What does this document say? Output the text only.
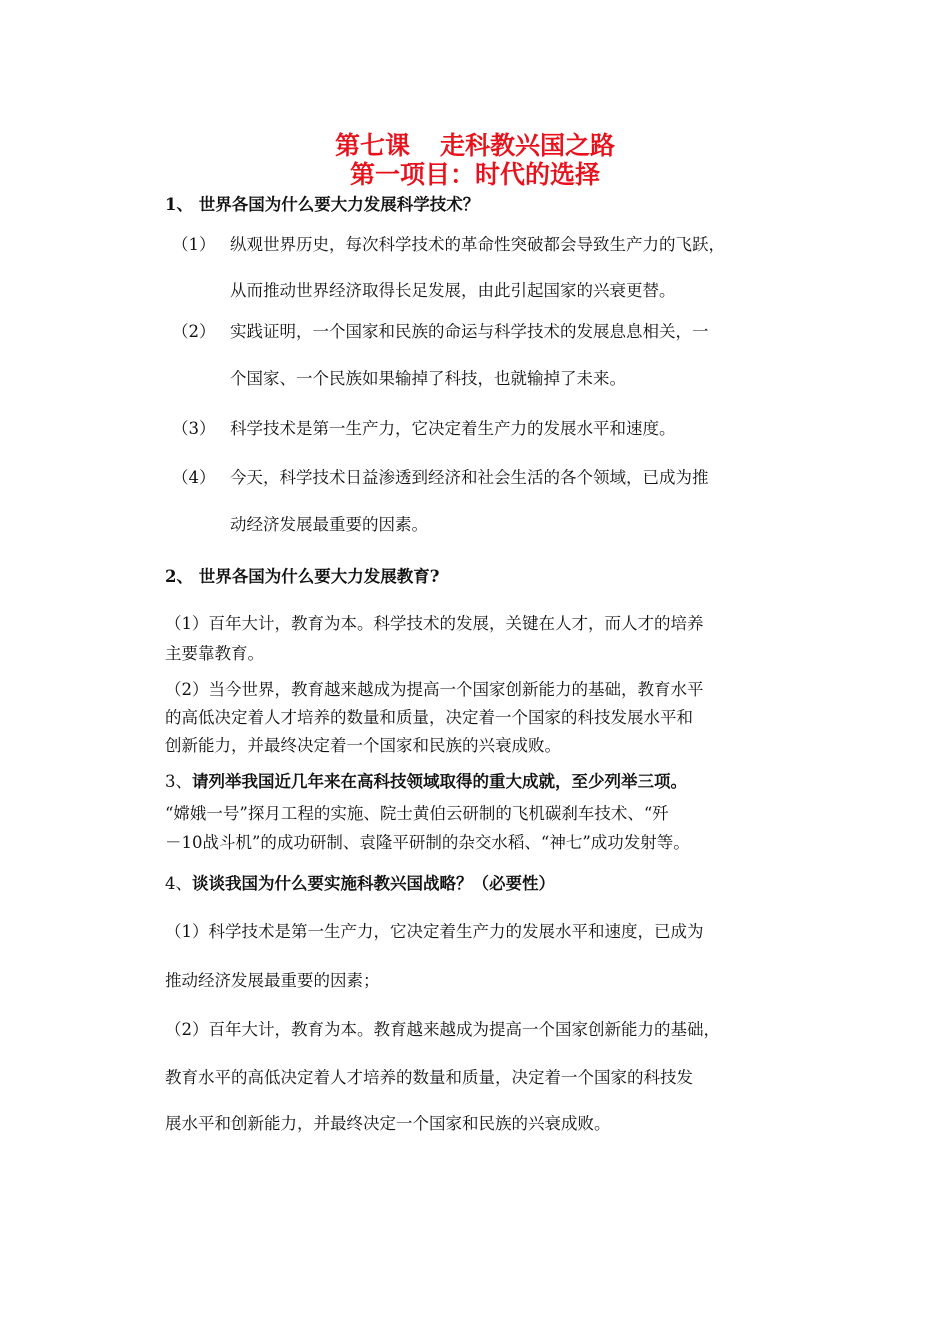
第七课 走科教兴国之路
第一项目：时代的选择

1、 世界各国为什么要大力发展科学技术？

（1） 纵观世界历史，每次科学技术的革命性突破都会导致生产力的飞跃，

从而推动世界经济取得长足发展，由此引起国家的兴衰更替。

（2） 实践证明，一个国家和民族的命运与科学技术的发展息息相关，一

个国家、一个民族如果输掉了科技，也就输掉了未来。

（3） 科学技术是第一生产力，它决定着生产力的发展水平和速度。

（4） 今天，科学技术日益渗透到经济和社会生活的各个领域，已成为推

动经济发展最重要的因素。

2、 世界各国为什么要大力发展教育?

（1）百年大计，教育为本。科学技术的发展，关键在人才，而人才的培养

主要靠教育。

（2）当今世界，教育越来越成为提高一个国家创新能力的基础，教育水平

的高低决定着人才培养的数量和质量，决定着一个国家的科技发展水平和

创新能力，并最终决定着一个国家和民族的兴衰成败。

3、请列举我国近几年来在高科技领域取得的重大成就，至少列举三项。

“嫦娥一号”探月工程的实施、院士黄伯云研制的飞机碳刹车技术、“歼

－10战斗机”的成功研制、袁隆平研制的杂交水稻、“神七”成功发射等。

4、谈谈我国为什么要实施科教兴国战略？（必要性）

（1）科学技术是第一生产力，它决定着生产力的发展水平和速度，已成为

推动经济发展最重要的因素；

（2）百年大计，教育为本。教育越来越成为提高一个国家创新能力的基础，

教育水平的高低决定着人才培养的数量和质量，决定着一个国家的科技发

展水平和创新能力，并最终决定一个国家和民族的兴衰成败。
